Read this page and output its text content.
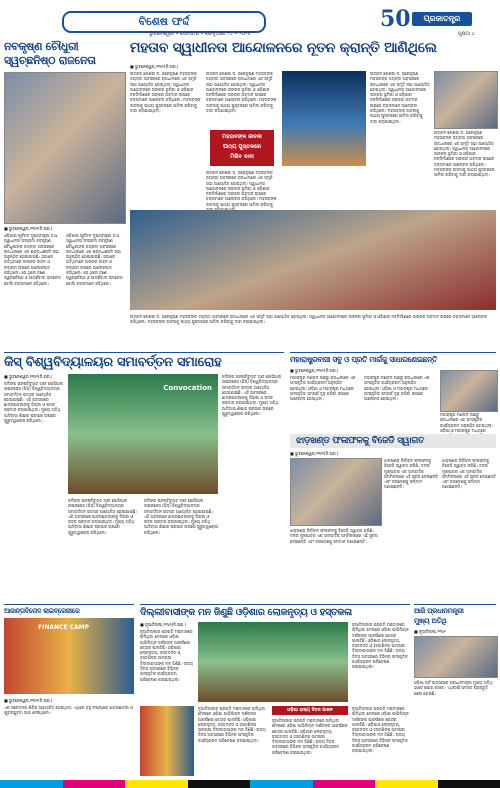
ବିଶେଷ ଫର୍ଦ୍ଦ
ଭୁବନେଶ୍ୱର • ସୋମବାର • ଫେବୃଆରୀ ୨୪ • ୨୦୨୫
50	ପ୍ରଜାତନ୍ତ୍ର
ପୃଷ୍ଠା ୪
ନବକୃଷ୍ଣ ଚୌଧୁରୀ
ସ୍ୱଚ୍ଛନିଷ୍ଠ ରାଜନେତା
■ ଭୁବନେଶ୍ୱର,୨୩ା୨(ନି.ପ୍ର.)
ଓଡ଼ିଶାର ପୂର୍ବତନ ମୁଖ୍ୟମନ୍ତ୍ରୀ ତଥା ସ୍ୱାଧୀନତା ସଂଗ୍ରାମୀ ନବକୃଷ୍ଣ ଚୌଧୁରୀଙ୍କ ଜୟନ୍ତୀ ଅବସରରେ ରାଜଧାନୀରେ ଏକ ଶ୍ରଦ୍ଧାଞ୍ଜଳି ସଭା ଅନୁଷ୍ଠିତ ହୋଇଯାଇଛି। ସଭାରେ ଅତିଥିମାନେ ତାଙ୍କର ଜୀବନ ଓ ସଂଗ୍ରାମ ଉପରେ ଆଲୋକପାତ କରିଥିଲେ। ସେ ଥିଲେ ଜଣେ ସ୍ୱଚ୍ଛନିଷ୍ଠ ଓ ଆଦର୍ଶବାଦୀ ରାଜନେତା ବୋଲି ବକ୍ତାମାନେ କହିଥିଲେ।
ଓଡ଼ିଶାର ପୂର୍ବତନ ମୁଖ୍ୟମନ୍ତ୍ରୀ ତଥା ସ୍ୱାଧୀନତା ସଂଗ୍ରାମୀ ନବକୃଷ୍ଣ ଚୌଧୁରୀଙ୍କ ଜୟନ୍ତୀ ଅବସରରେ ରାଜଧାନୀରେ ଏକ ଶ୍ରଦ୍ଧାଞ୍ଜଳି ସଭା ଅନୁଷ୍ଠିତ ହୋଇଯାଇଛି। ସଭାରେ ଅତିଥିମାନେ ତାଙ୍କର ଜୀବନ ଓ ସଂଗ୍ରାମ ଉପରେ ଆଲୋକପାତ କରିଥିଲେ। ସେ ଥିଲେ ଜଣେ ସ୍ୱଚ୍ଛନିଷ୍ଠ ଓ ଆଦର୍ଶବାଦୀ ରାଜନେତା ବୋଲି ବକ୍ତାମାନେ କହିଥିଲେ।
ମହତାବ ସ୍ୱାଧୀନତା ଆନ୍ଦୋଳନରେ ନୂତନ କ୍ରାନ୍ତି ଆଣିଥିଲେ
■ ଭୁବନେଶ୍ୱର,୨୩ା୨(ନି.ପ୍ର.)
ଉତ୍କଳ କେଶରୀ ଡ. ହରେକୃଷ୍ଣ ମହତାବଙ୍କ ଜୟନ୍ତୀ ଅବସରରେ ରାଜଧାନୀରେ ଏକ ସ୍ମୃତି ସଭା ଆୟୋଜିତ ହୋଇଥିଲା। ସ୍ୱାଧୀନତା ଆନ୍ଦୋଳନରେ ତାଙ୍କର ଭୂମିକା ଓ ଓଡ଼ିଶାର ନବନିର୍ମାଣରେ ତାଙ୍କର ଅବଦାନ ଉପରେ ବକ୍ତାମାନେ ଆଲୋଚନା କରିଥିଲେ। ମହତାବଙ୍କ ଜୀବନୀକୁ ପାଠ୍ୟ ପୁସ୍ତକରେ ସାମିଲ କରିବାକୁ ଦାବୀ କରାଯାଇଥିଲା।
ଉତ୍କଳ କେଶରୀ ଡ. ହରେକୃଷ୍ଣ ମହତାବଙ୍କ ଜୟନ୍ତୀ ଅବସରରେ ରାଜଧାନୀରେ ଏକ ସ୍ମୃତି ସଭା ଆୟୋଜିତ ହୋଇଥିଲା। ସ୍ୱାଧୀନତା ଆନ୍ଦୋଳନରେ ତାଙ୍କର ଭୂମିକା ଓ ଓଡ଼ିଶାର ନବନିର୍ମାଣରେ ତାଙ୍କର ଅବଦାନ ଉପରେ ବକ୍ତାମାନେ ଆଲୋଚନା କରିଥିଲେ। ମହତାବଙ୍କ ଜୀବନୀକୁ ପାଠ୍ୟ ପୁସ୍ତକରେ ସାମିଲ କରିବାକୁ ଦାବୀ କରାଯାଇଥିଲା।
ମହତାବଙ୍କ ଜୀବନୀ
ପାଠ୍ୟ ପୁସ୍ତକରେ
ମିଶିବ ଦାବୀ
ଉତ୍କଳ କେଶରୀ ଡ. ହରେକୃଷ୍ଣ ମହତାବଙ୍କ ଜୟନ୍ତୀ ଅବସରରେ ରାଜଧାନୀରେ ଏକ ସ୍ମୃତି ସଭା ଆୟୋଜିତ ହୋଇଥିଲା। ସ୍ୱାଧୀନତା ଆନ୍ଦୋଳନରେ ତାଙ୍କର ଭୂମିକା ଓ ଓଡ଼ିଶାର ନବନିର୍ମାଣରେ ତାଙ୍କର ଅବଦାନ ଉପରେ ବକ୍ତାମାନେ ଆଲୋଚନା କରିଥିଲେ। ମହତାବଙ୍କ ଜୀବନୀକୁ ପାଠ୍ୟ ପୁସ୍ତକରେ ସାମିଲ କରିବାକୁ
ଉତ୍କଳ କେଶରୀ ଡ. ହରେକୃଷ୍ଣ ମହତାବଙ୍କ ଜୟନ୍ତୀ ଅବସରରେ ରାଜଧାନୀରେ ଏକ ସ୍ମୃତି ସଭା ଆୟୋଜିତ ହୋଇଥିଲା। ସ୍ୱାଧୀନତା ଆନ୍ଦୋଳନରେ ତାଙ୍କର ଭୂମିକା ଓ ଓଡ଼ିଶାର ନବନିର୍ମାଣରେ ତାଙ୍କର ଅବଦାନ ଉପରେ ବକ୍ତାମାନେ ଆଲୋଚନା କରିଥିଲେ। ମହତାବଙ୍କ ଜୀବନୀକୁ ପାଠ୍ୟ ପୁସ୍ତକରେ ସାମିଲ କରିବାକୁ ଦାବୀ କରାଯାଇଥିଲା।
ଉତ୍କଳ କେଶରୀ ଡ. ହରେକୃଷ୍ଣ ମହତାବଙ୍କ ଜୟନ୍ତୀ ଅବସରରେ ରାଜଧାନୀରେ ଏକ ସ୍ମୃତି ସଭା ଆୟୋଜିତ ହୋଇଥିଲା। ସ୍ୱାଧୀନତା ଆନ୍ଦୋଳନରେ ତାଙ୍କର ଭୂମିକା ଓ ଓଡ଼ିଶାର ନବନିର୍ମାଣରେ ତାଙ୍କର ଅବଦାନ ଉପରେ ବକ୍ତାମାନେ ଆଲୋଚନା କରିଥିଲେ। ମହତାବଙ୍କ ଜୀବନୀକୁ ପାଠ୍ୟ ପୁସ୍ତକରେ ସାମିଲ କରିବାକୁ ଦାବୀ କରାଯାଇଥିଲା।
ଉତ୍କଳ କେଶରୀ ଡ. ହରେକୃଷ୍ଣ ମହତାବଙ୍କ ଜୟନ୍ତୀ ଅବସରରେ ରାଜଧାନୀରେ ଏକ ସ୍ମୃତି ସଭା ଆୟୋଜିତ ହୋଇଥିଲା। ସ୍ୱାଧୀନତା ଆନ୍ଦୋଳନରେ ତାଙ୍କର ଭୂମିକା ଓ ଓଡ଼ିଶାର ନବନିର୍ମାଣରେ ତାଙ୍କର ଅବଦାନ ଉପରେ ବକ୍ତାମାନେ ଆଲୋଚନା କରିଥିଲେ। ମହତାବଙ୍କ ଜୀବନୀକୁ ପାଠ୍ୟ ପୁସ୍ତକରେ ସାମିଲ କରିବାକୁ ଦାବୀ କରାଯାଇଥିଲା।
କିସ୍ ବିଶ୍ୱବିଦ୍ୟାଳୟର ସମାବର୍ତ୍ତନ ସମାରୋହ
■ ଭୁବନେଶ୍ୱର,୨୩ା୨(ନି.ପ୍ର.)
କଳିଙ୍ଗ ଇନଷ୍ଟିଚ୍ୟୁଟ ଅଫ୍ ସୋସିଆଲ ସାଇନ୍ସେସ (କିସ୍) ବିଶ୍ୱବିଦ୍ୟାଳୟର ସମାବର୍ତ୍ତନ ଉତ୍ସବ ଆୟୋଜିତ ହୋଇଯାଇଛି। ଏହି ଅବସରରେ ଛାତ୍ରଛାତ୍ରୀଙ୍କୁ ଡିଗ୍ରୀ ଓ ପଦକ ପ୍ରଦାନ କରାଯାଇଥିଲା। ମୁଖ୍ୟ ଅତିଥି ଆଦିବାସୀ ଶିକ୍ଷାର ପ୍ରସାର ଉପରେ ଗୁରୁତ୍ୱାରୋପ କରିଥିଲେ।
Convocation
କଳିଙ୍ଗ ଇନଷ୍ଟିଚ୍ୟୁଟ ଅଫ୍ ସୋସିଆଲ ସାଇନ୍ସେସ (କିସ୍) ବିଶ୍ୱବିଦ୍ୟାଳୟର ସମାବର୍ତ୍ତନ ଉତ୍ସବ ଆୟୋଜିତ ହୋଇଯାଇଛି। ଏହି ଅବସରରେ ଛାତ୍ରଛାତ୍ରୀଙ୍କୁ ଡିଗ୍ରୀ ଓ ପଦକ ପ୍ରଦାନ କରାଯାଇଥିଲା। ମୁଖ୍ୟ ଅତିଥି ଆଦିବାସୀ ଶିକ୍ଷାର ପ୍ରସାର ଉପରେ ଗୁରୁତ୍ୱାରୋପ କରିଥିଲେ।
କଳିଙ୍ଗ ଇନଷ୍ଟିଚ୍ୟୁଟ ଅଫ୍ ସୋସିଆଲ ସାଇନ୍ସେସ (କିସ୍) ବିଶ୍ୱବିଦ୍ୟାଳୟର ସମାବର୍ତ୍ତନ ଉତ୍ସବ ଆୟୋଜିତ ହୋଇଯାଇଛି। ଏହି ଅବସରରେ ଛାତ୍ରଛାତ୍ରୀଙ୍କୁ ଡିଗ୍ରୀ ଓ ପଦକ ପ୍ରଦାନ କରାଯାଇଥିଲା। ମୁଖ୍ୟ ଅତିଥି ଆଦିବାସୀ ଶିକ୍ଷାର ପ୍ରସାର ଉପରେ ଗୁରୁତ୍ୱାରୋପ କରିଥିଲେ।
କଳିଙ୍ଗ ଇନଷ୍ଟିଚ୍ୟୁଟ ଅଫ୍ ସୋସିଆଲ ସାଇନ୍ସେସ (କିସ୍) ବିଶ୍ୱବିଦ୍ୟାଳୟର ସମାବର୍ତ୍ତନ ଉତ୍ସବ ଆୟୋଜିତ ହୋଇଯାଇଛି। ଏହି ଅବସରରେ ଛାତ୍ରଛାତ୍ରୀଙ୍କୁ ଡିଗ୍ରୀ ଓ ପଦକ ପ୍ରଦାନ କରାଯାଇଥିଲା। ମୁଖ୍ୟ ଅତିଥି ଆଦିବାସୀ ଶିକ୍ଷାର ପ୍ରସାର ଉପରେ ଗୁରୁତ୍ୱାରୋପ କରିଥିଲେ।
ମହାରାଷ୍ଟ୍ରବାସୀ ସବୁ ଓ ପ୍ରତି ମାର୍ଗକୁ ସାଧାରଣେଇଛନ୍ତି
■ ଭୁବନେଶ୍ୱର,୨୩ା୨(ନି.ପ୍ର.)
ମହାରାଷ୍ଟ୍ର ମଣ୍ଡଳ ପକ୍ଷରୁ ରାଜଧାନୀରେ ଏକ ସାଂସ୍କୃତିକ କାର୍ଯ୍ୟକ୍ରମ ଅନୁଷ୍ଠିତ ହୋଇଥିଲା। ଓଡ଼ିଶା ଓ ମହାରାଷ୍ଟ୍ର ମଧ୍ୟରେ ସାଂସ୍କୃତିକ ସମ୍ପର୍କ ଦୃଢ଼ କରିବା ଉପରେ ଆଲୋଚନା ହୋଇଥିଲା।
ମହାରାଷ୍ଟ୍ର ମଣ୍ଡଳ ପକ୍ଷରୁ ରାଜଧାନୀରେ ଏକ ସାଂସ୍କୃତିକ କାର୍ଯ୍ୟକ୍ରମ ଅନୁଷ୍ଠିତ ହୋଇଥିଲା। ଓଡ଼ିଶା ଓ ମହାରାଷ୍ଟ୍ର ମଧ୍ୟରେ ସାଂସ୍କୃତିକ ସମ୍ପର୍କ ଦୃଢ଼ କରିବା ଉପରେ ଆଲୋଚନା ହୋଇଥିଲା।
ମହାରାଷ୍ଟ୍ର ମଣ୍ଡଳ ପକ୍ଷରୁ ରାଜଧାନୀରେ ଏକ ସାଂସ୍କୃତିକ କାର୍ଯ୍ୟକ୍ରମ ଅନୁଷ୍ଠିତ ହୋଇଥିଲା। ଓଡ଼ିଶା ଓ ମହାରାଷ୍ଟ୍ର ମଧ୍ୟରେ
ଝାଡ଼ଖଣ୍ଡ ଫଳାଫଳକୁ ବିଜେଡି ସ୍ୱାଗତ
■ ଭୁବନେଶ୍ୱର,୨୩ା୨(ନି.ପ୍ର.)
ଝାଡ଼ଖଣ୍ଡ ନିର୍ବାଚନ ଫଳାଫଳକୁ ବିଜେଡି ସ୍ୱାଗତ କରିଛି। ଦଳର ମୁଖପାତ୍ର ଏକ ସାମ୍ବାଦିକ ସମ୍ମିଳନୀରେ ଏହି ସୂଚନା ଦେଇଛନ୍ତି ଏବଂ ଜନାଦେଶକୁ ସମ୍ମାନ ଜଣାଇଛନ୍ତି।
ଝାଡ଼ଖଣ୍ଡ ନିର୍ବାଚନ ଫଳାଫଳକୁ ବିଜେଡି ସ୍ୱାଗତ କରିଛି। ଦଳର ମୁଖପାତ୍ର ଏକ ସାମ୍ବାଦିକ ସମ୍ମିଳନୀରେ ଏହି ସୂଚନା ଦେଇଛନ୍ତି ଏବଂ ଜନାଦେଶକୁ ସମ୍ମାନ ଜଣାଇଛନ୍ତି।
ଝାଡ଼ଖଣ୍ଡ ନିର୍ବାଚନ ଫଳାଫଳକୁ ବିଜେଡି ସ୍ୱାଗତ କରିଛି। ଦଳର ମୁଖପାତ୍ର ଏକ ସାମ୍ବାଦିକ ସମ୍ମିଳନୀରେ ଏହି ସୂଚନା ଦେଇଛନ୍ତି ଏବଂ ଜନାଦେଶକୁ ସମ୍ମାନ ଜଣାଇଛନ୍ତି।
ଆଜାନ୍ତାବିନୋଦ ଲାଇବ୍ରେରୀରେ
FINANCE CAMP
■ ଭୁବନେଶ୍ୱର,୨୩ା୨(ନି.ପ୍ର.)
ଏକ ସଚେତନତା ଶିବିର ଆୟୋଜିତ ହୋଇଥିଲା। ଏଥିରେ ବହୁ ସଂଖ୍ୟାରେ ଛାତ୍ରଛାତ୍ରୀ ଓ ଯୁବକଯୁବତୀ ଭାଗ ନେଇଥିଲେ।
ଦିଲ୍ଲୀବାସୀଙ୍କ ମନ ଜିଣୁଛି ଓଡ଼ିଶାର ଲୋକନୃତ୍ୟ ଓ ହସ୍ତକଳା
■ ନୂଆଦିଲ୍ଲୀ,୨୩ା୨(ନି.ପ୍ର.)
ନୂଆଦିଲ୍ଲୀର ପ୍ରଗତି ମଇଦାନରେ ଚାଲିଥିବା ମେଳାରେ ଓଡ଼ିଶା ପାଭିଲିୟନ ଦର୍ଶକଙ୍କ ଆକର୍ଷଣର କେନ୍ଦ୍ର ପାଲଟିଛି। ଓଡ଼ିଶାର ଲୋକନୃତ୍ୟ, ହସ୍ତତନ୍ତ ଓ ହସ୍ତଶିଳ୍ପ ସାମଗ୍ରୀ ଦିଲ୍ଲୀବାସୀଙ୍କ ମନ ଜିଣିଛି। ରାଜ୍ୟ ଦିବସ ଅବସରରେ ବିଭିନ୍ନ ସାଂସ୍କୃତିକ କାର୍ଯ୍ୟକ୍ରମ ପରିବେଷଣ କରାଯାଇଥିଲା।
ନୂଆଦିଲ୍ଲୀର ପ୍ରଗତି ମଇଦାନରେ ଚାଲିଥିବା ମେଳାରେ ଓଡ଼ିଶା ପାଭିଲିୟନ ଦର୍ଶକଙ୍କ ଆକର୍ଷଣର କେନ୍ଦ୍ର ପାଲଟିଛି। ଓଡ଼ିଶାର ଲୋକନୃତ୍ୟ, ହସ୍ତତନ୍ତ ଓ ହସ୍ତଶିଳ୍ପ ସାମଗ୍ରୀ ଦିଲ୍ଲୀବାସୀଙ୍କ ମନ ଜିଣିଛି। ରାଜ୍ୟ ଦିବସ ଅବସରରେ ବିଭିନ୍ନ ସାଂସ୍କୃତିକ କାର୍ଯ୍ୟକ୍ରମ ପରିବେଷଣ କରାଯାଇଥିଲା।
ନୂଆଦିଲ୍ଲୀର ପ୍ରଗତି ମଇଦାନରେ ଚାଲିଥିବା ମେଳାରେ ଓଡ଼ିଶା ପାଭିଲିୟନ ଦର୍ଶକଙ୍କ ଆକର୍ଷଣର କେନ୍ଦ୍ର ପାଲଟିଛି। ଓଡ଼ିଶାର ଲୋକନୃତ୍ୟ, ହସ୍ତତନ୍ତ ଓ ହସ୍ତଶିଳ୍ପ ସାମଗ୍ରୀ ଦିଲ୍ଲୀବାସୀଙ୍କ ମନ ଜିଣିଛି। ରାଜ୍ୟ ଦିବସ ଅବସରରେ ବିଭିନ୍ନ ସାଂସ୍କୃତିକ କାର୍ଯ୍ୟକ୍ରମ ପରିବେଷଣ କରାଯାଇଥିଲା।
ଓଡ଼ିଶା ରାଜ୍ୟ ଦିବସ ପାଳନ
ନୂଆଦିଲ୍ଲୀର ପ୍ରଗତି ମଇଦାନରେ ଚାଲିଥିବା ମେଳାରେ ଓଡ଼ିଶା ପାଭିଲିୟନ ଦର୍ଶକଙ୍କ ଆକର୍ଷଣର କେନ୍ଦ୍ର ପାଲଟିଛି। ଓଡ଼ିଶାର ଲୋକନୃତ୍ୟ, ହସ୍ତତନ୍ତ ଓ ହସ୍ତଶିଳ୍ପ ସାମଗ୍ରୀ ଦିଲ୍ଲୀବାସୀଙ୍କ ମନ ଜିଣିଛି। ରାଜ୍ୟ ଦିବସ ଅବସରରେ ବିଭିନ୍ନ ସାଂସ୍କୃତିକ କାର୍ଯ୍ୟକ୍ରମ ପରିବେଷଣ କରାଯାଇଥିଲା।
ନୂଆଦିଲ୍ଲୀର ପ୍ରଗତି ମଇଦାନରେ ଚାଲିଥିବା ମେଳାରେ ଓଡ଼ିଶା ପାଭିଲିୟନ ଦର୍ଶକଙ୍କ ଆକର୍ଷଣର କେନ୍ଦ୍ର ପାଲଟିଛି। ଓଡ଼ିଶାର ଲୋକନୃତ୍ୟ, ହସ୍ତତନ୍ତ ଓ ହସ୍ତଶିଳ୍ପ ସାମଗ୍ରୀ ଦିଲ୍ଲୀବାସୀଙ୍କ ମନ ଜିଣିଛି। ରାଜ୍ୟ ଦିବସ ଅବସରରେ ବିଭିନ୍ନ ସାଂସ୍କୃତିକ କାର୍ଯ୍ୟକ୍ରମ ପରିବେଷଣ କରାଯାଇଥିଲା।
ଆଜି ପ୍ରଧାନମନ୍ତ୍ରୀ
ମୁଖ୍ୟ ଅତିଥି
■ ନୂଆଦିଲ୍ଲୀ,୨୩ା୨
ଓଡ଼ିଶା ପର୍ବ ଉତ୍ସବରେ ପ୍ରଧାନମନ୍ତ୍ରୀ ମୁଖ୍ୟ ଅତିଥି ଭାବେ ଯୋଗ ଦେବେ। ଏଥିପାଇଁ ସମସ୍ତ ପ୍ରସ୍ତୁତି ଶେଷ ହୋଇଛି।
